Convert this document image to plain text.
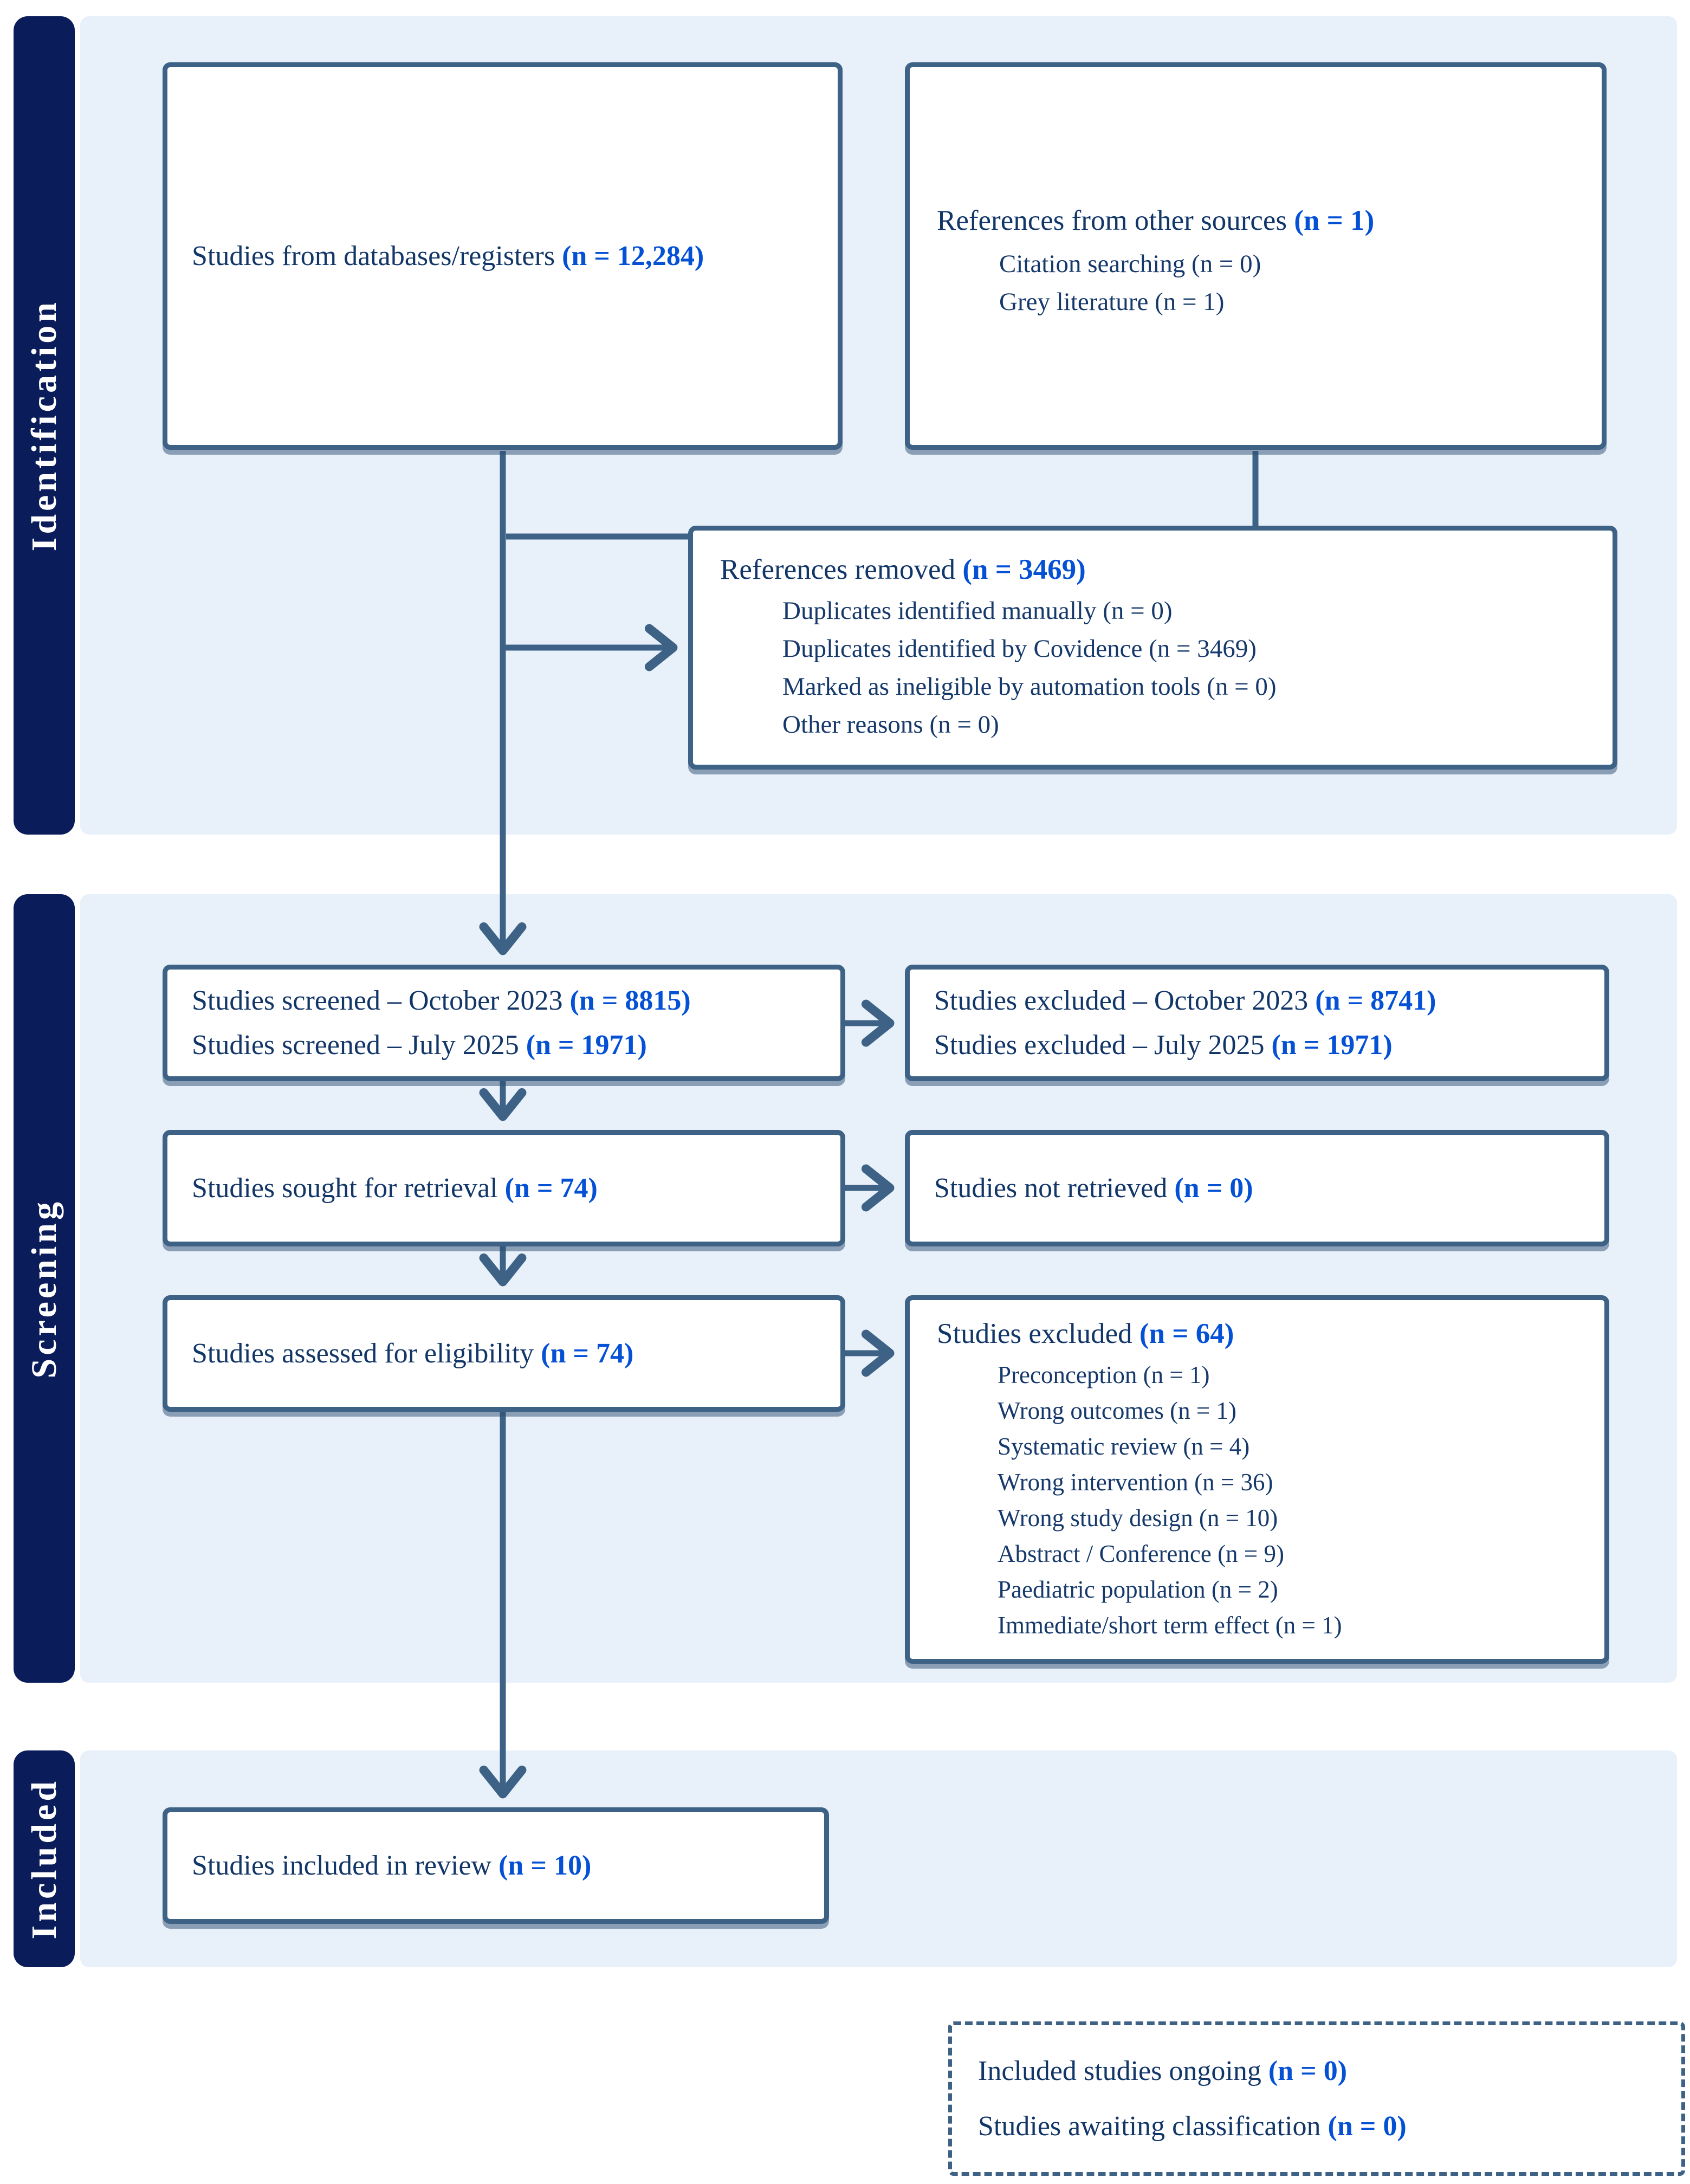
Identification
Screening
Included
Studies from databases/registers (n = 12,284)
References from other sources (n = 1)
Citation searching (n = 0)
Grey literature (n = 1)
References removed (n = 3469)
Duplicates identified manually (n = 0)
Duplicates identified by Covidence (n = 3469)
Marked as ineligible by automation tools (n = 0)
Other reasons (n = 0)
Studies screened – October 2023 (n = 8815)
Studies screened – July 2025 (n = 1971)
Studies excluded – October 2023 (n = 8741)
Studies excluded – July 2025 (n = 1971)
Studies sought for retrieval (n = 74)	Studies not retrieved (n = 0)
Studies assessed for eligibility (n = 74)
Studies excluded (n = 64)
Preconception (n = 1)
Wrong outcomes (n = 1)
Systematic review (n = 4)
Wrong intervention (n = 36)
Wrong study design (n = 10)
Abstract / Conference (n = 9)
Paediatric population (n = 2)
Immediate/short term effect (n = 1)
Studies included in review (n = 10)
Included studies ongoing (n = 0)
Studies awaiting classification (n = 0)
